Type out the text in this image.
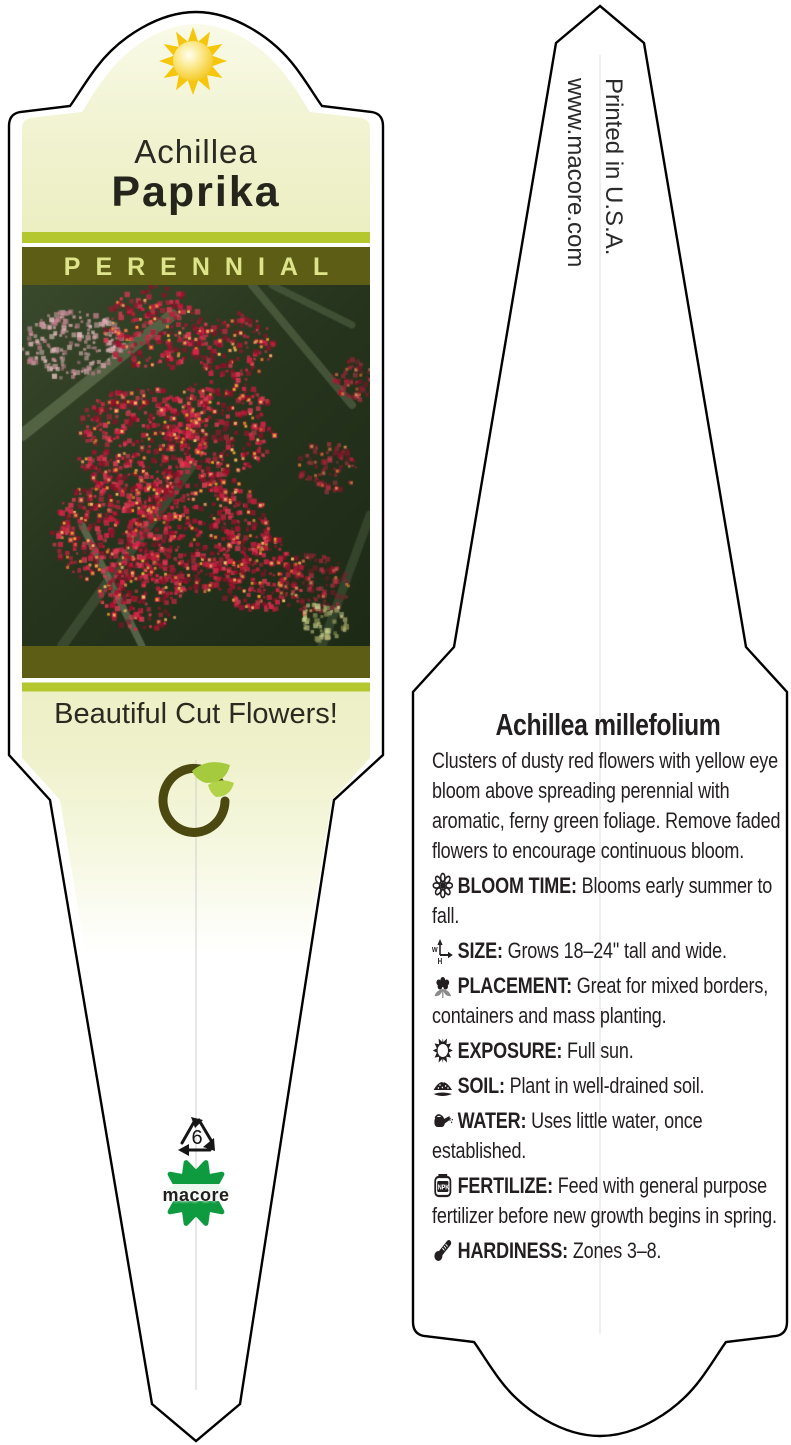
Achillea
Paprika
PERENNIAL
Beautiful Cut Flowers!
6
macore
Printed in U.S.A.
www.macore.com
Achillea millefolium

Clusters of dusty red flowers with yellow eye bloom above spreading perennial with aromatic, ferny green foliage. Remove faded flowers to encourage continuous bloom.

BLOOM TIME: Blooms early summer to fall.
w
H SIZE: Grows 18–24" tall and wide.
PLACEMENT: Great for mixed borders, containers and mass planting.
EXPOSURE: Full sun.
SOIL: Plant in well-drained soil.
WATER: Uses little water, once established.
NPK FERTILIZE: Feed with general purpose fertilizer before new growth begins in spring.
HARDINESS: Zones 3–8.
